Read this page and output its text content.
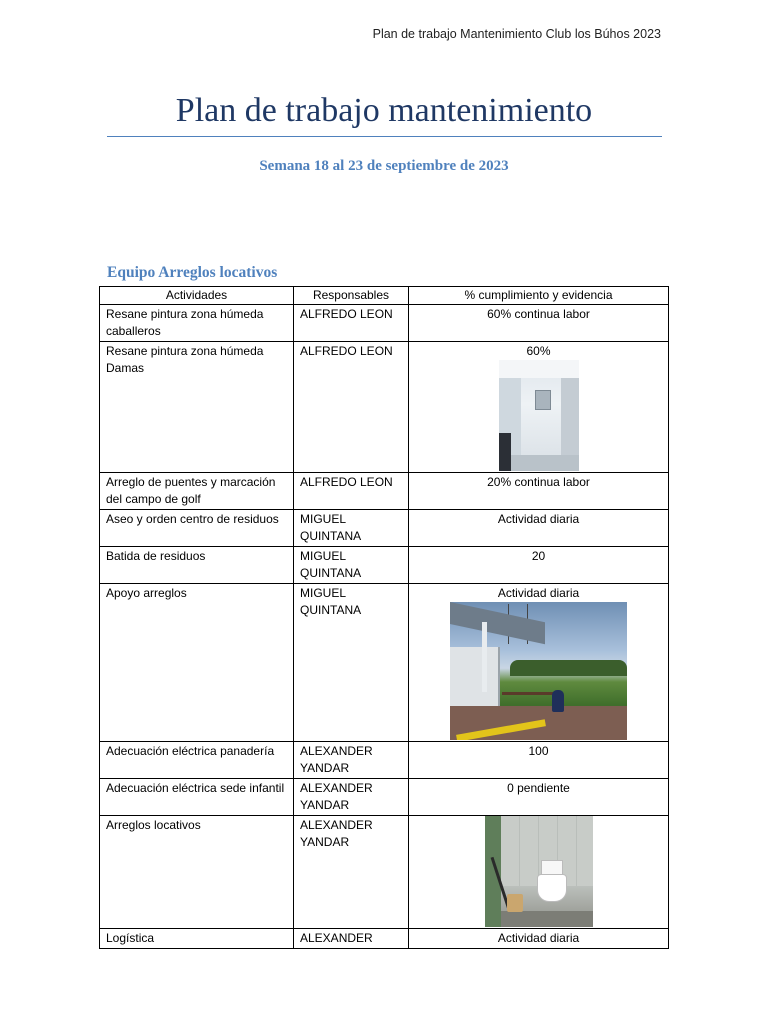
Plan de trabajo Mantenimiento Club los Búhos 2023
Plan de trabajo mantenimiento
Semana 18 al 23 de septiembre de 2023
Equipo Arreglos locativos
Actividades	Responsables	% cumplimiento y evidencia
Resane pintura zona húmeda caballeros	ALFREDO LEON	60% continua labor
Resane pintura zona húmeda Damas	ALFREDO LEON	60%

Arreglo de puentes y marcación del campo de golf	ALFREDO LEON	20% continua labor
Aseo y orden centro de residuos	MIGUEL QUINTANA	Actividad diaria
Batida de residuos	MIGUEL QUINTANA	20
Apoyo arreglos	MIGUEL QUINTANA	Actividad diaria

Adecuación eléctrica panadería	ALEXANDER YANDAR	100
Adecuación eléctrica sede infantil	ALEXANDER YANDAR	0 pendiente
Arreglos locativos	ALEXANDER YANDAR	

Logística	ALEXANDER	Actividad diaria
